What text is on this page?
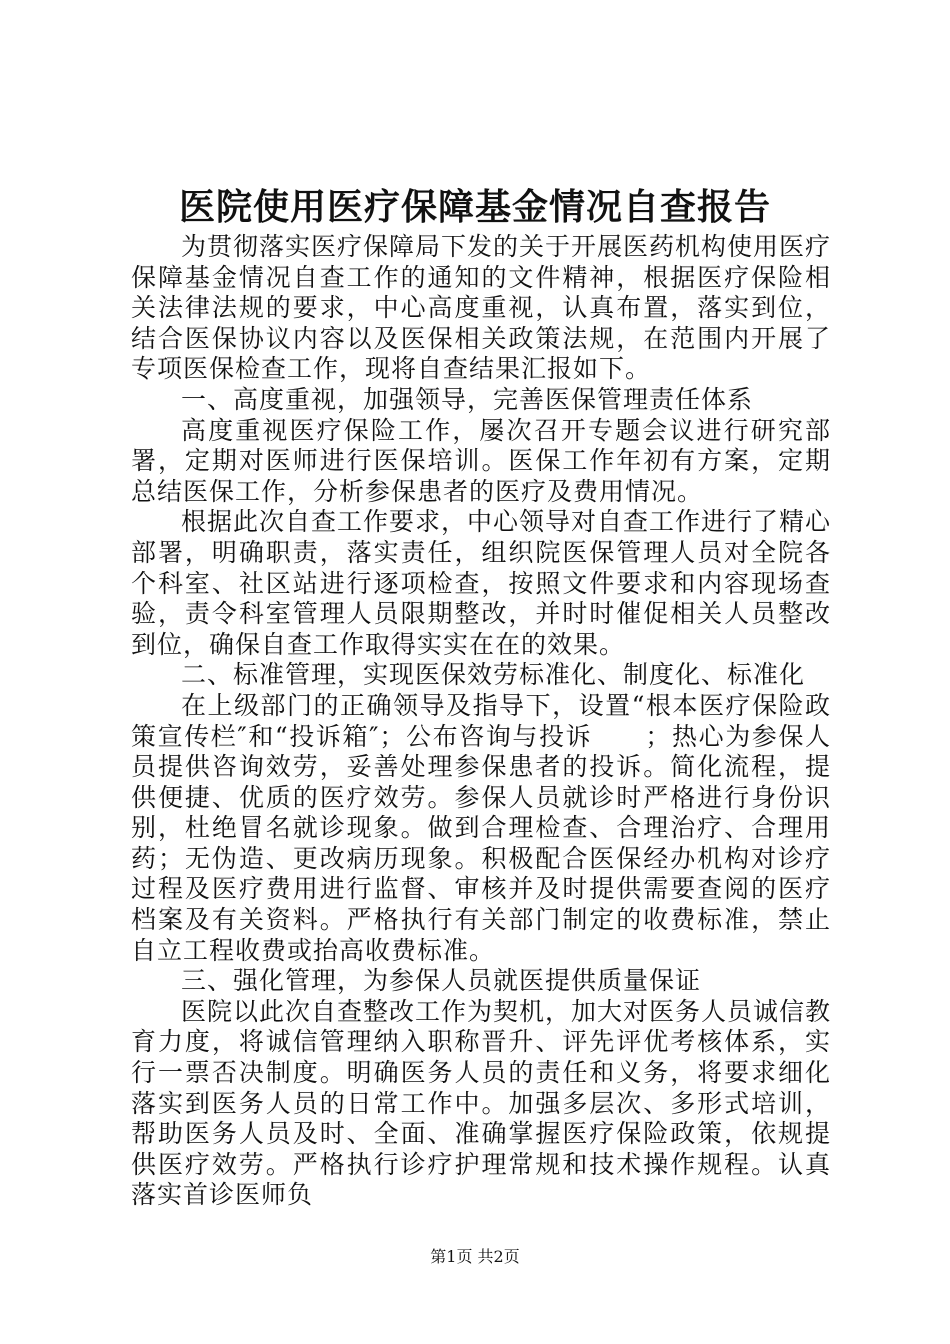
医院使用医疗保障基金情况自查报告

为贯彻落实医疗保障局下发的关于开展医药机构使用医疗保障基金情况自查工作的通知的文件精神，根据医疗保险相关法律法规的要求，中心高度重视，认真布置，落实到位，结合医保协议内容以及医保相关政策法规，在范围内开展了专项医保检查工作，现将自查结果汇报如下。

一、高度重视，加强领导，完善医保管理责任体系

高度重视医疗保险工作，屡次召开专题会议进行研究部署，定期对医师进行医保培训。医保工作年初有方案，定期总结医保工作，分析参保患者的医疗及费用情况。

根据此次自查工作要求，中心领导对自查工作进行了精心部署，明确职责，落实责任，组织院医保管理人员对全院各个科室、社区站进行逐项检查，按照文件要求和内容现场查验，责令科室管理人员限期整改，并时时催促相关人员整改到位，确保自查工作取得实实在在的效果。

二、标准管理，实现医保效劳标准化、制度化、标准化

在上级部门的正确领导及指导下，设置“根本医疗保险政策宣传栏″和“投诉箱″；公布咨询与投诉　　；热心为参保人员提供咨询效劳，妥善处理参保患者的投诉。简化流程，提供便捷、优质的医疗效劳。参保人员就诊时严格进行身份识别，杜绝冒名就诊现象。做到合理检查、合理治疗、合理用药；无伪造、更改病历现象。积极配合医保经办机构对诊疗过程及医疗费用进行监督、审核并及时提供需要查阅的医疗档案及有关资料。严格执行有关部门制定的收费标准，禁止自立工程收费或抬高收费标准。

三、强化管理，为参保人员就医提供质量保证

医院以此次自查整改工作为契机，加大对医务人员诚信教育力度，将诚信管理纳入职称晋升、评先评优考核体系，实行一票否决制度。明确医务人员的责任和义务，将要求细化落实到医务人员的日常工作中。加强多层次、多形式培训，帮助医务人员及时、全面、准确掌握医疗保险政策，依规提供医疗效劳。严格执行诊疗护理常规和技术操作规程。认真落实首诊医师负

第1页 共2页
